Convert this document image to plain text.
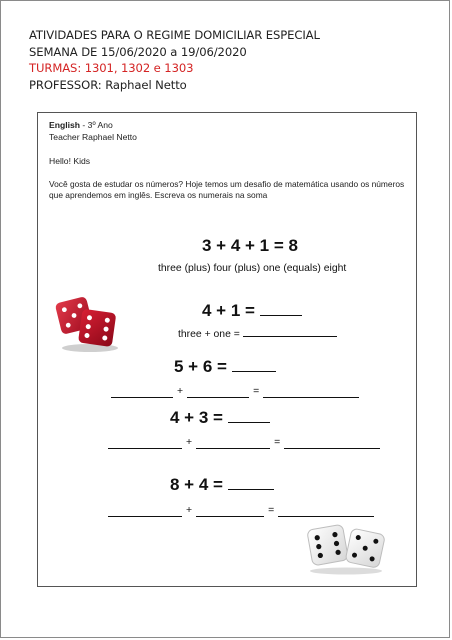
ATIVIDADES PARA O REGIME DOMICILIAR ESPECIAL
SEMANA DE 15/06/2020 a 19/06/2020
TURMAS: 1301, 1302 e 1303
PROFESSOR: Raphael Netto
English - 3º Ano
Teacher Raphael Netto
Hello! Kids
Você gosta de estudar os números? Hoje temos um desafio de matemática usando os números que aprendemos em inglês. Escreva os numerais na soma
3 + 4 + 1 = 8
three (plus) four (plus) one (equals) eight
4 + 1 =
three + one =
5 + 6 =
+	=
4 + 3 =
+	=
8 + 4 =
+	=
